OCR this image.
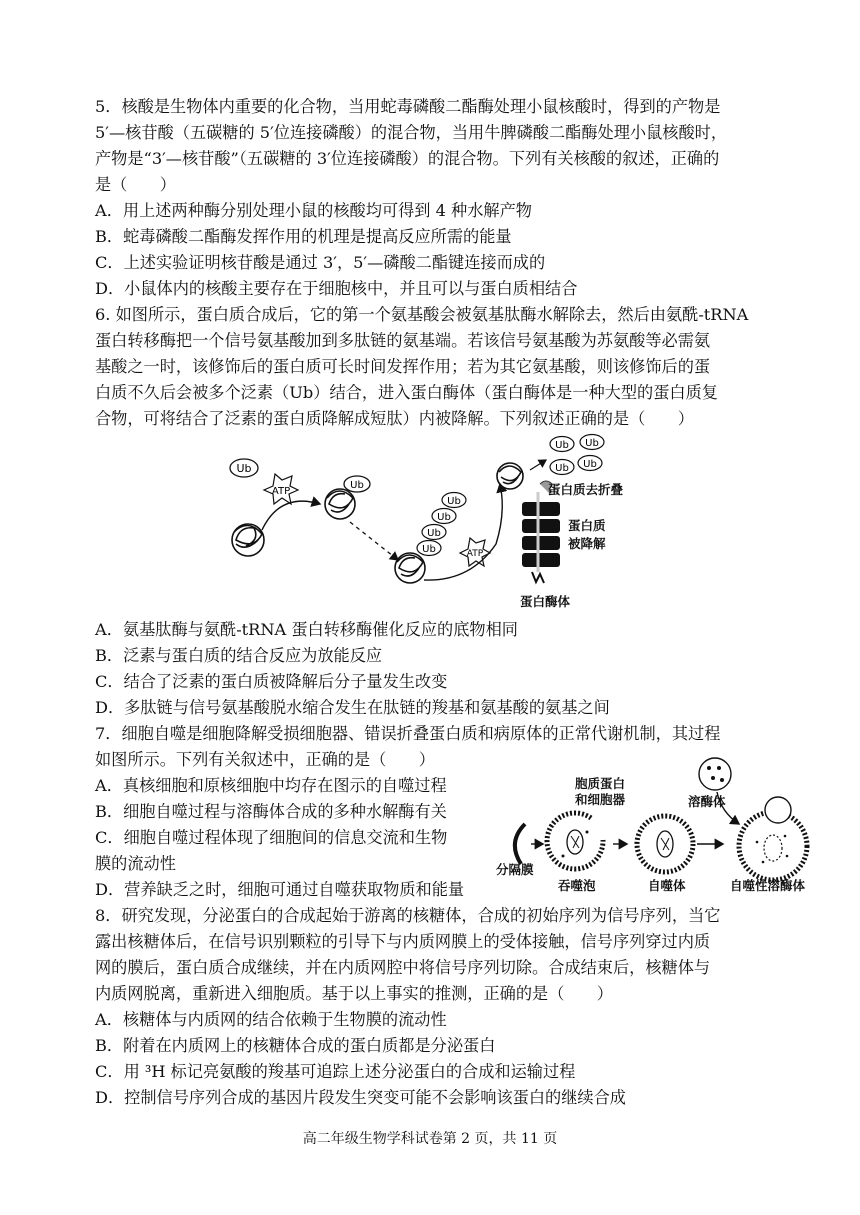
5．核酸是生物体内重要的化合物，当用蛇毒磷酸二酯酶处理小鼠核酸时，得到的产物是
5′—核苷酸（五碳糖的 5′位连接磷酸）的混合物，当用牛脾磷酸二酯酶处理小鼠核酸时，
产物是“3′—核苷酸”（五碳糖的 3′位连接磷酸）的混合物。下列有关核酸的叙述，正确的
是（　　）
A．用上述两种酶分别处理小鼠的核酸均可得到 4 种水解产物
B．蛇毒磷酸二酯酶发挥作用的机理是提高反应所需的能量
C．上述实验证明核苷酸是通过 3′，5′—磷酸二酯键连接而成的
D．小鼠体内的核酸主要存在于细胞核中，并且可以与蛋白质相结合
6. 如图所示，蛋白质合成后，它的第一个氨基酸会被氨基肽酶水解除去，然后由氨酰-tRNA
蛋白转移酶把一个信号氨基酸加到多肽链的氨基端。若该信号氨基酸为苏氨酸等必需氨
基酸之一时，该修饰后的蛋白质可长时间发挥作用；若为其它氨基酸，则该修饰后的蛋
白质不久后会被多个泛素（Ub）结合，进入蛋白酶体（蛋白酶体是一种大型的蛋白质复
合物，可将结合了泛素的蛋白质降解成短肽）内被降解。下列叙述正确的是（　　）
Ub
ATP
Ub
Ub
Ub
Ub
Ub
ATP
Ub Ub
Ub Ub
蛋白质去折叠
蛋白质
被降解
蛋白酶体
A．氨基肽酶与氨酰-tRNA 蛋白转移酶催化反应的底物相同
B．泛素与蛋白质的结合反应为放能反应
C．结合了泛素的蛋白质被降解后分子量发生改变
D．多肽链与信号氨基酸脱水缩合发生在肽链的羧基和氨基酸的氨基之间
7．细胞自噬是细胞降解受损细胞器、错误折叠蛋白质和病原体的正常代谢机制，其过程
如图所示。下列有关叙述中，正确的是（　　）
A．真核细胞和原核细胞中均存在图示的自噬过程
B．细胞自噬过程与溶酶体合成的多种水解酶有关
C．细胞自噬过程体现了细胞间的信息交流和生物
膜的流动性
D．营养缺乏之时，细胞可通过自噬获取物质和能量
胞质蛋白
和细胞器	溶酶体
分隔膜
吞噬泡	自噬体	自噬性溶酶体
8．研究发现，分泌蛋白的合成起始于游离的核糖体，合成的初始序列为信号序列，当它
露出核糖体后，在信号识别颗粒的引导下与内质网膜上的受体接触，信号序列穿过内质
网的膜后，蛋白质合成继续，并在内质网腔中将信号序列切除。合成结束后，核糖体与
内质网脱离，重新进入细胞质。基于以上事实的推测，正确的是（　　）
A．核糖体与内质网的结合依赖于生物膜的流动性
B．附着在内质网上的核糖体合成的蛋白质都是分泌蛋白
C．用 ³H 标记亮氨酸的羧基可追踪上述分泌蛋白的合成和运输过程
D．控制信号序列合成的基因片段发生突变可能不会影响该蛋白的继续合成
高二年级生物学科试卷第 2 页，共 11 页
